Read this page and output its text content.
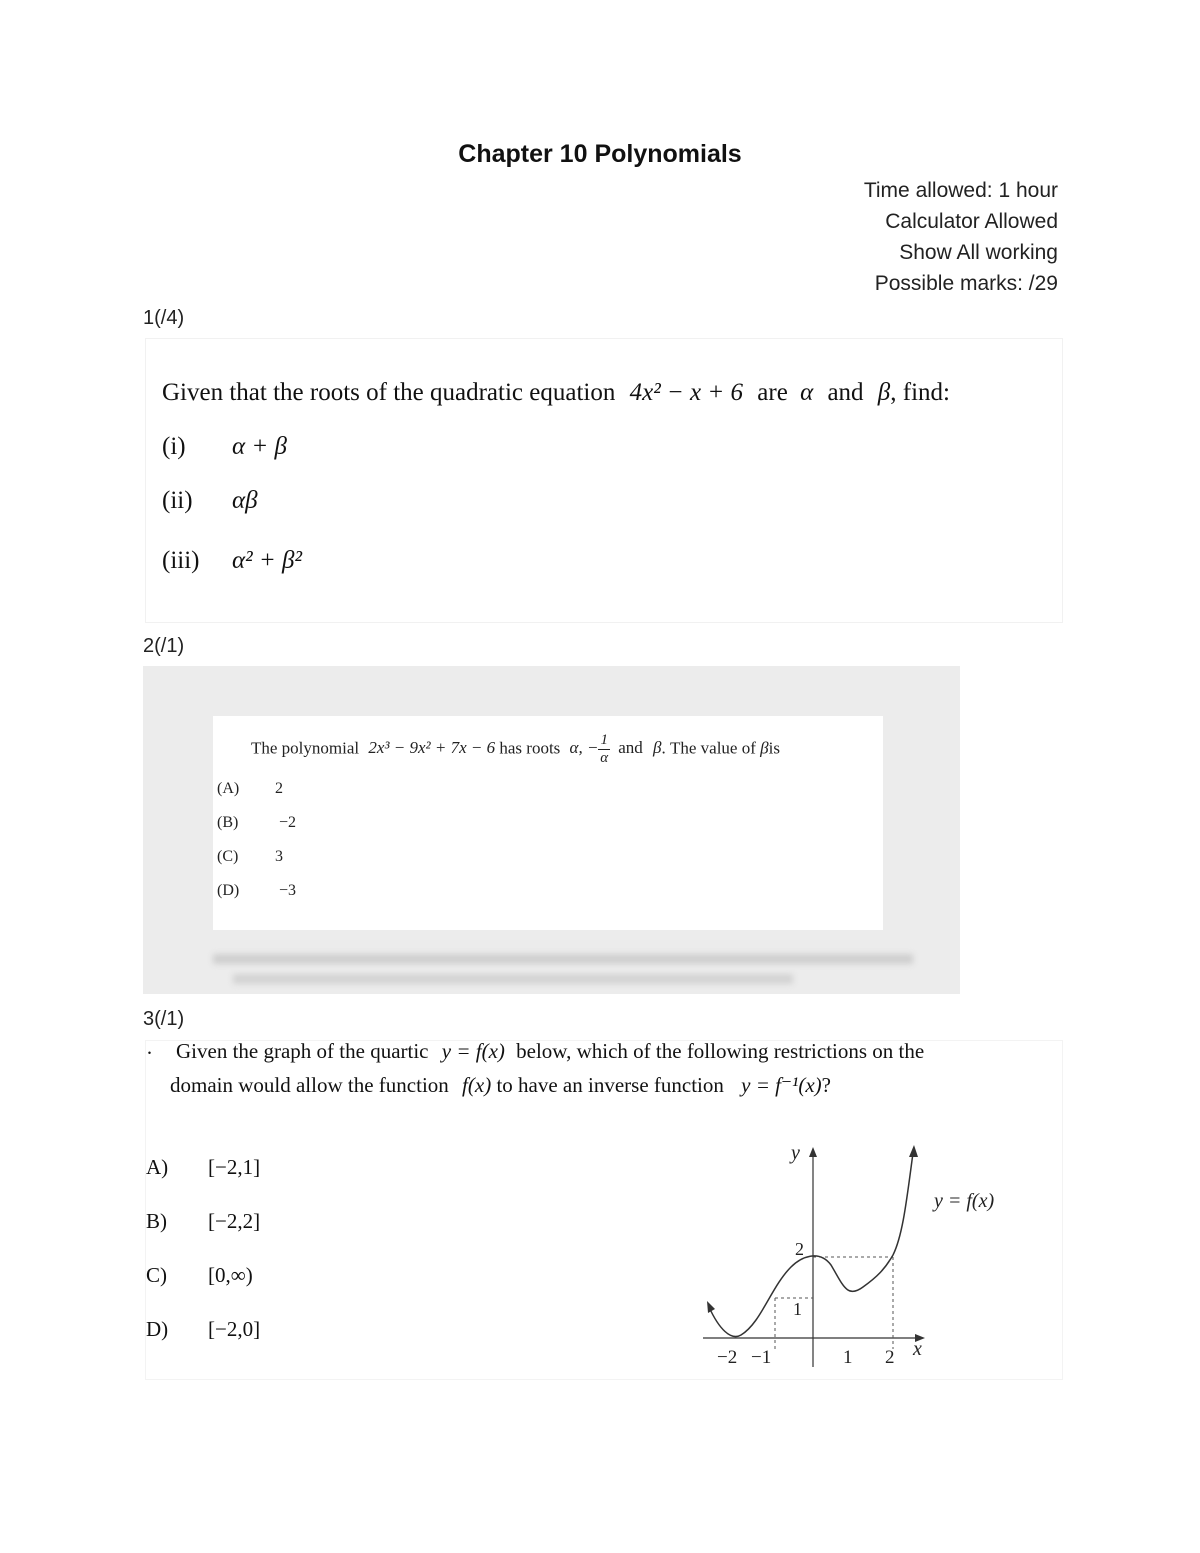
Chapter 10 Polynomials
Time allowed: 1 hour
Calculator Allowed
Show All working
Possible marks: /29
1(/4)
Given that the roots of the quadratic equation 4x² − x + 6 are α and β, find:
(i) α + β
(ii) αβ
(iii) α² + β²
2(/1)
The polynomial 2x³ − 9x² + 7x − 6 has roots α, − $\frac{1}{\alpha}$ and β. The value of βis
(A) 2
(B)	−2
(C) 3
(D) −3
3(/1)
· Given the graph of the quartic y = f(x) below, which of the following restrictions on the
domain would allow the function f(x) to have an inverse function y = f⁻¹(x)?
A) [−2,1]
B) [−2,2]
C) [0,∞)
D) [−2,0]
y
x
y = f(x)
−2 −1	1 2
2
1
